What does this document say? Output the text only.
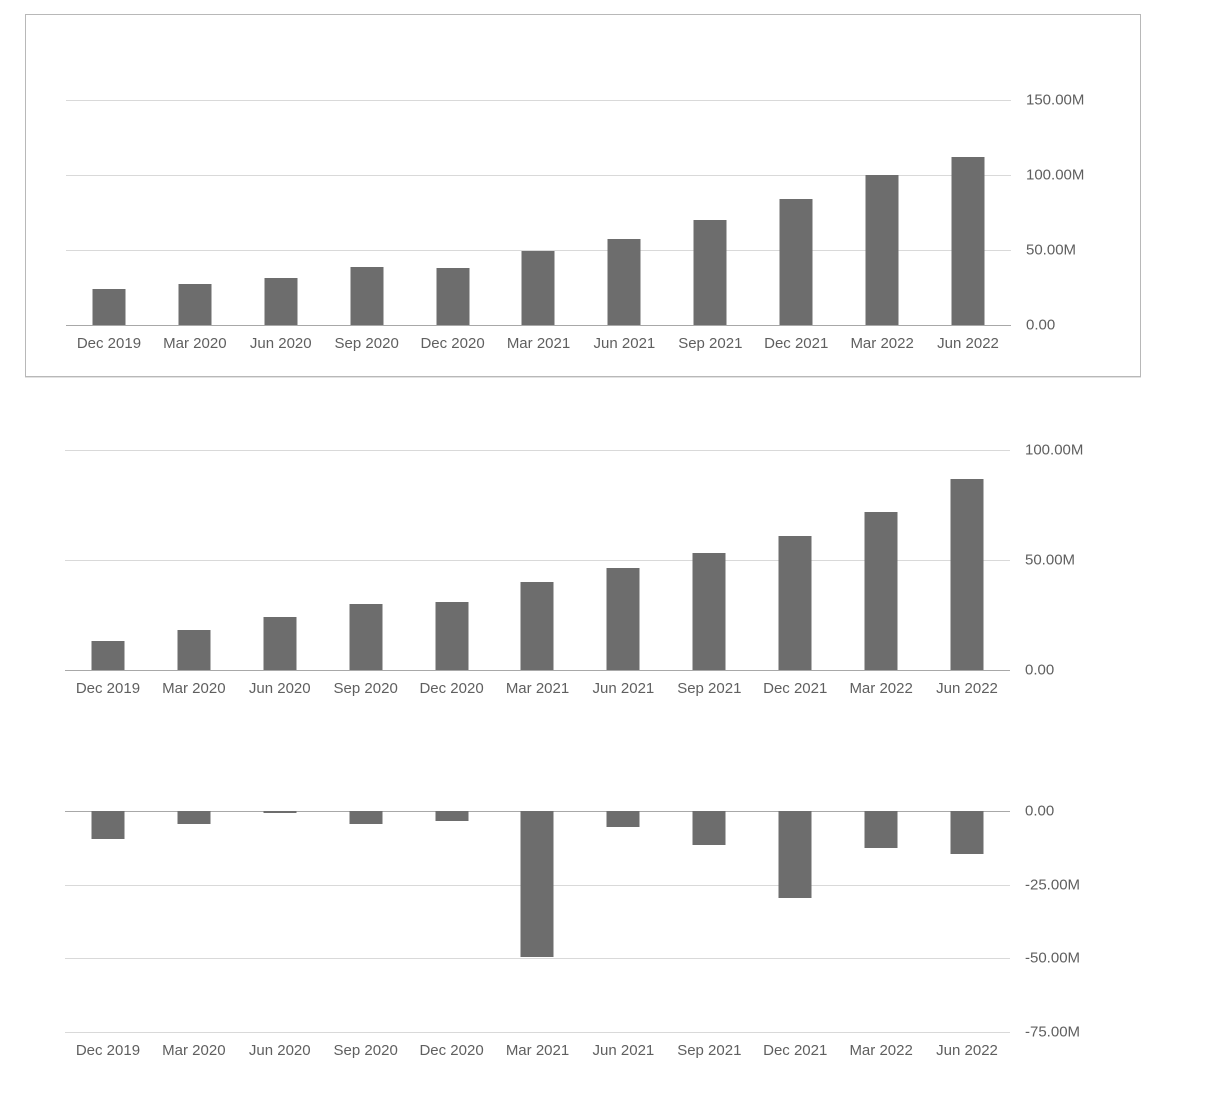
150.00M
100.00M
50.00M
0.00
Dec 2019 Mar 2020 Jun 2020 Sep 2020 Dec 2020 Mar 2021 Jun 2021 Sep 2021 Dec 2021 Mar 2022 Jun 2022
100.00M
50.00M
0.00
Dec 2019 Mar 2020 Jun 2020 Sep 2020 Dec 2020 Mar 2021 Jun 2021 Sep 2021 Dec 2021 Mar 2022 Jun 2022
0.00
-25.00M
-50.00M
-75.00M
Dec 2019 Mar 2020 Jun 2020 Sep 2020 Dec 2020 Mar 2021 Jun 2021 Sep 2021 Dec 2021 Mar 2022 Jun 2022
